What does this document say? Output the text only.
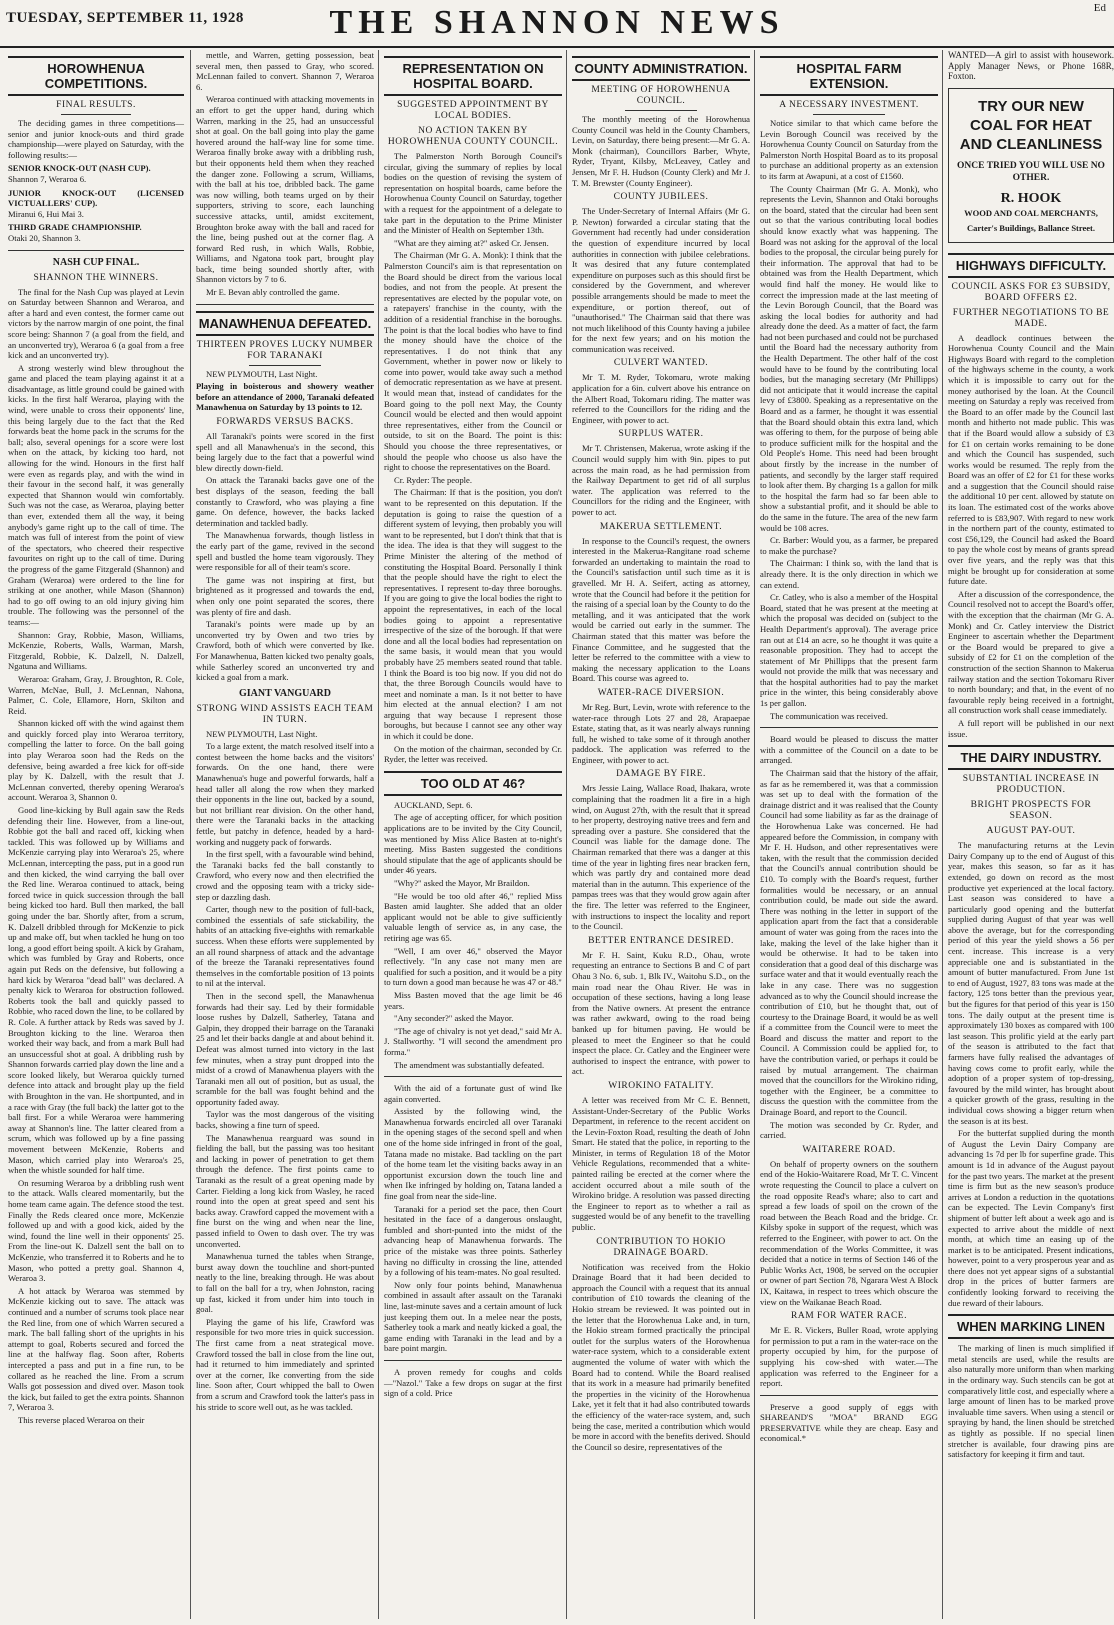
TUESDAY, SEPTEMBER 11, 1928	THE SHANNON NEWS	Ed
HOROWHENUA COMPETITIONS.
FINAL RESULTS.

The deciding games in three competitions—senior and junior knock-outs and third grade championship—were played on Saturday, with the following results:—

SENIOR KNOCK-OUT (NASH CUP).
Shannon 7, Weraroa 6.

JUNIOR KNOCK-OUT (LICENSED VICTUALLERS' CUP).
Miranui 6, Hui Mai 3.

THIRD GRADE CHAMPIONSHIP.
Otaki 20, Shannon 3.

NASH CUP FINAL.
SHANNON THE WINNERS.

The final for the Nash Cup was played at Levin on Saturday between Shannon and Weraroa, and after a hard and even contest, the former came out victors by the narrow margin of one point, the final score being: Shannon 7 (a goal from the field, and an unconverted try), Weraroa 6 (a goal from a free kick and an unconverted try).

A strong westerly wind blew throughout the game and placed the team playing against it at a disadvantage, as little ground could be gained with kicks. In the first half Weraroa, playing with the wind, were unable to cross their opponents' line, this being largely due to the fact that the Red forwards beat the home pack in the scrums for the ball; also, several openings for a score were lost when on the attack, by kicking too hard, not allowing for the wind. Honours in the first half were even as regards play, and with the wind in their favour in the second half, it was generally expected that Shannon would win comfortably. Such was not the case, as Weraroa, playing better than ever, extended them all the way, it being anybody's game right up to the call of time. The match was full of interest from the point of view of the spectators, who cheered their respective favourites on right up to the call of time. During the progress of the game Fitzgerald (Shannon) and Graham (Weraroa) were ordered to the line for striking at one another, while Mason (Shannon) had to go off owing to an old injury giving him trouble. The following was the personnel of the teams:—

Shannon: Gray, Robbie, Mason, Williams, McKenzie, Roberts, Walls, Warman, Marsh, Fitzgerald, Robbie, K. Dalzell, N. Dalzell, Ngatuna and Williams.

Weraroa: Graham, Gray, J. Broughton, R. Cole, Warren, McNae, Bull, J. McLennan, Nahona, Palmer, C. Cole, Ellamore, Horn, Skilton and Reid.

Shannon kicked off with the wind against them and quickly forced play into Weraroa territory, compelling the latter to force. On the ball going into play Weraroa soon had the Reds on the defensive, being awarded a free kick for off-side play by K. Dalzell, with the result that J. McLennan converted, thereby opening Weraroa's account. Weraroa 3, Shannon 0.

Good line-kicking by Bull again saw the Reds defending their line. However, from a line-out, Robbie got the ball and raced off, kicking when tackled. This was followed up by Williams and McKenzie carrying play into Weraroa's 25, where McLennan, intercepting the pass, put in a good run and then kicked, the wind carrying the ball over the Red line. Weraroa continued to attack, being forced twice in quick succession through the ball being kicked too hard. Bull then marked, the ball going under the bar. Shortly after, from a scrum, K. Dalzell dribbled through for McKenzie to pick up and make off, but when tackled he hung on too long, a good effort being spoilt. A kick by Graham, which was fumbled by Gray and Roberts, once again put Reds on the defensive, but following a hard kick by Weraroa "dead ball" was declared. A penalty kick to Weraroa for obstruction followed. Roberts took the ball and quickly passed to Robbie, who raced down the line, to be collared by R. Cole. A further attack by Reds was saved by J. Broughton kicking to the line. Weraroa then worked their way back, and from a mark Bull had an unsuccessful shot at goal. A dribbling rush by Shannon forwards carried play down the line and a score looked likely, but Weraroa quickly turned defence into attack and brought play up the field with Broughton in the van. He shortpunted, and in a race with Gray (the full back) the latter got to the ball first. For a while Weraroa were hammering away at Shannon's line. The latter cleared from a scrum, which was followed up by a fine passing movement between McKenzie, Roberts and Mason, which carried play into Weraroa's 25, when the whistle sounded for half time.

On resuming Weraroa by a dribbling rush went to the attack. Walls cleared momentarily, but the home team came again. The defence stood the test. Finally the Reds cleared once more, McKenzie followed up and with a good kick, aided by the wind, found the line well in their opponents' 25. From the line-out K. Dalzell sent the ball on to McKenzie, who transferred it to Roberts and he to Mason, who potted a pretty goal. Shannon 4, Weraroa 3.

A hot attack by Weraroa was stemmed by McKenzie kicking out to save. The attack was continued and a number of scrums took place near the Red line, from one of which Warren secured a mark. The ball falling short of the uprights in his attempt to goal, Roberts secured and forced the line at the halfway flag. Soon after, Roberts intercepted a pass and put in a fine run, to be collared as he reached the line. From a scrum Walls got possession and dived over. Mason took the kick, but failed to get the extra points. Shannon 7, Weraroa 3.

This reverse placed Weraroa on their

mettle, and Warren, getting possession, beat several men, then passed to Gray, who scored. McLennan failed to convert. Shannon 7, Weraroa 6.

Weraroa continued with attacking movements in an effort to get the upper hand, during which Warren, marking in the 25, had an unsuccessful shot at goal. On the ball going into play the game hovered around the half-way line for some time. Weraroa finally broke away with a dribbling rush, but their opponents held them when they reached the danger zone. Following a scrum, Williams, with the ball at his toe, dribbled back. The game was now willing, both teams urged on by their supporters, striving to score, each launching successive attacks, until, amidst excitement, Broughton broke away with the ball and raced for the line, being pushed out at the corner flag. A forward Red rush, in which Walls, Robbie, Williams, and Ngatona took part, brought play back, time being sounded shortly after, with Shannon victors by 7 to 6.

Mr E. Bevan ably controlled the game.

MANAWHENUA DEFEATED.
THIRTEEN PROVES LUCKY NUMBER FOR TARANAKI

NEW PLYMOUTH, Last Night.

Playing in boisterous and showery weather before an attendance of 2000, Taranaki defeated Manawhenua on Saturday by 13 points to 12.

FORWARDS VERSUS BACKS.

All Taranaki's points were scored in the first spell and all Manawhenua's in the second, this being largely due to the fact that a powerful wind blew directly down-field.

On attack the Taranaki backs gave one of the best displays of the season, feeding the ball constantly to Crawford, who was playing a fine game. On defence, however, the backs lacked determination and tackled badly.

The Manawhenua forwards, though listless in the early part of the game, revived in the second spell and bustled the home team vigorously. They were responsible for all of their team's score.

The game was not inspiring at first, but brightened as it progressed and towards the end, when only one point separated the scores, there was plenty of fire and dash.

Taranaki's points were made up by an unconverted try by Owen and two tries by Crawford, both of which were converted by Ike. For Manawhenua, Batten kicked two penalty goals, while Satherley scored an unconverted try and kicked a goal from a mark.

GIANT VANGUARD
STRONG WIND ASSISTS EACH TEAM IN TURN.

NEW PLYMOUTH, Last Night.

To a large extent, the match resolved itself into a contest between the home backs and the visitors' forwards. On the one hand, there were Manawhenua's huge and powerful forwards, half a head taller all along the row when they marked their opponents in the line out, backed by a sound, but not brilliant rear division. On the other hand, there were the Taranaki backs in the attacking fettle, but patchy in defence, headed by a hard-working and nuggety pack of forwards.

In the first spell, with a favourable wind behind, the Taranaki backs fed the ball constantly to Crawford, who every now and then electrified the crowd and the opposing team with a tricky side-step or dazzling dash.

Carter, though new to the position of full-back, combined the essentials of safe stickability, the habits of an attacking five-eighths with remarkable success. When these efforts were supplemented by an all round sharpness of attack and the advantage of the breeze the Taranaki representatives found themselves in the comfortable position of 13 points to nil at the interval.

Then in the second spell, the Manawhenua forwards had their say. Led by their formidable loose rushes by Dalzell, Satherley, Tatana and Galpin, they dropped their barrage on the Taranaki 25 and let their backs dangle at and about behind it. Defeat was almost turned into victory in the last few minutes, when a stray punt dropped into the midst of a crowd of Manawhenua players with the Taranaki men all out of position, but as usual, the scramble for the ball was fought behind and the opportunity faded away.

Taylor was the most dangerous of the visiting backs, showing a fine turn of speed.

The Manawhenua rearguard was sound in fielding the ball, but the passing was too hesitant and lacking in power of penetration to get them through the defence. The first points came to Taranaki as the result of a great opening made by Carter. Fielding a long kick from Wasley, he raced round into the open at great speed and sent his backs away. Crawford capped the movement with a fine burst on the wing and when near the line, passed infield to Owen to dash over. The try was unconverted.

Manawhenua turned the tables when Strange, burst away down the touchline and short-punted neatly to the line, breaking through. He was about to fall on the ball for a try, when Johnston, racing up fast, kicked it from under him into touch in goal.

Playing the game of his life, Crawford was responsible for two more tries in quick succession. The first came from a neat strategical move. Crawford tossed the ball in close from the line out, had it returned to him immediately and sprinted over at the corner, Ike converting from the side line. Soon after, Court whipped the ball to Owen from a scrum and Crawford took the latter's pass in his stride to score well out, as he was tackled.

REPRESENTATION ON HOSPITAL BOARD.
SUGGESTED APPOINTMENT BY LOCAL BODIES.
NO ACTION TAKEN BY HOROWHENUA COUNTY COUNCIL.

The Palmerston North Borough Council's circular, giving the summary of replies by local bodies on the question of revising the system of representation on hospital boards, came before the Horowhenua County Council on Saturday, together with a request for the appointment of a delegate to take part in the deputation to the Prime Minister and the Minister of Health on September 13th.

"What are they aiming at?" asked Cr. Jensen.

The Chairman (Mr G. A. Monk): I think that the Palmerston Council's aim is that representation on the Board should be direct from the various local bodies, and not from the people. At present the representatives are elected by the popular vote, on a ratepayers' franchise in the county, with the addition of a residential franchise in the boroughs. The point is that the local bodies who have to find the money should have the choice of the representatives. I do not think that any Government, whether in power now or likely to come into power, would take away such a method of democratic representation as we have at present. It would mean that, instead of candidates for the Board going to the poll next May, the County Council would be elected and then would appoint three representatives, either from the Council or outside, to sit on the Board. The point is this: Should you choose the three representatives, or should the people who choose us also have the right to choose the representatives on the Board.

Cr. Ryder: The people.

The Chairman: If that is the position, you don't want to be represented on this deputation. If the deputation is going to raise the question of a different system of levying, then probably you will want to be represented, but I don't think that that is the idea. The idea is that they will suggest to the Prime Minister the altering of the method of constituting the Hospital Board. Personally I think that the people should have the right to elect the representatives. I represent to-day three boroughs. If you are going to give the local bodies the right to appoint the representatives, in each of the local bodies going to appoint a representative irrespective of the size of the borough. If that were done and all the local bodies had representation on the same basis, it would mean that you would probably have 25 members seated round that table. I think the Board is too big now. If you did not do that, the three Borough Councils would have to meet and nominate a man. Is it not better to have him elected at the annual election? I am not arguing that way because I represent those boroughs, but because I cannot see any other way in which it could be done.

On the motion of the chairman, seconded by Cr. Ryder, the letter was received.

TOO OLD AT 46?

AUCKLAND, Sept. 6.

The age of accepting officer, for which position applications are to be invited by the City Council, was mentioned by Miss Alice Basten at to-night's meeting. Miss Basten suggested the conditions should stipulate that the age of applicants should be under 46 years.

"Why?" asked the Mayor, Mr Braildon.

"He would be too old after 46," replied Miss Basten amid laughter. She added that an older applicant would not be able to give sufficiently valuable length of service as, in any case, the retiring age was 65.

"Well, I am over 46," observed the Mayor reflectively. "In any case not many men are qualified for such a position, and it would be a pity to turn down a good man because he was 47 or 48."

Miss Basten moved that the age limit be 46 years.

"Any seconder?" asked the Mayor.

"The age of chivalry is not yet dead," said Mr A. J. Stallworthy. "I will second the amendment pro forma."

The amendment was substantially defeated.

With the aid of a fortunate gust of wind Ike again converted.

Assisted by the following wind, the Manawhenua forwards encircled all over Taranaki in the opening stages of the second spell and when one of the home side infringed in front of the goal, Tatana made no mistake. Bad tackling on the part of the home team let the visiting backs away in an opportunist excursion down the touch line and when Ike infringed by holding on, Tatana landed a fine goal from near the side-line.

Taranaki for a period set the pace, then Court hesitated in the face of a dangerous onslaught, fumbled and short-punted into the midst of the advancing heap of Manawhenua forwards. The price of the mistake was three points. Satherley having no difficulty in crossing the line, attended by a following of his team-mates. No goal resulted.

Now only four points behind, Manawhenua combined in assault after assault on the Taranaki line, last-minute saves and a certain amount of luck just keeping them out. In a melee near the posts, Satherley took a mark and neatly kicked a goal, the game ending with Taranaki in the lead and by a bare point margin.

A proven remedy for coughs and colds—"Nazol." Take a few drops on sugar at the first sign of a cold. Price

COUNTY ADMINISTRATION.
MEETING OF HOROWHENUA COUNCIL.

The monthly meeting of the Horowhenua County Council was held in the County Chambers, Levin, on Saturday, there being present:—Mr G. A. Monk (chairman), Councillors Barber, Whyte, Ryder, Tryant, Kilsby, McLeavey, Catley and Jensen, Mr F. H. Hudson (County Clerk) and Mr J. T. M. Brewster (County Engineer).

COUNTY JUBILEES.

The Under-Secretary of Internal Affairs (Mr G. P. Newton) forwarded a circular stating that the Government had recently had under consideration the question of expenditure incurred by local authorities in connection with jubilee celebrations. It was desired that any future contemplated expenditure on purposes such as this should first be considered by the Government, and wherever possible arrangements should be made to meet the expenditure, or portion thereof, out of "unauthorised." The Chairman said that there was not much likelihood of this County having a jubilee for the next few years; and on his motion the communication was received.

CULVERT WANTED.

Mr T. M. Ryder, Tokomaru, wrote making application for a 6in. culvert above his entrance on the Albert Road, Tokomaru riding. The matter was referred to the Councillors for the riding and the Engineer, with power to act.

SURPLUS WATER.

Mr T. Christensen, Makerua, wrote asking if the Council would supply him with 9in. pipes to put across the main road, as he had permission from the Railway Department to get rid of all surplus water. The application was referred to the Councillors for the riding and the Engineer, with power to act.

MAKERUA SETTLEMENT.

In response to the Council's request, the owners interested in the Makerua-Rangitane road scheme forwarded an undertaking to maintain the road to the Council's satisfaction until such time as it is gravelled. Mr H. A. Seifert, acting as attorney, wrote that the Council had before it the petition for the raising of a special loan by the County to do the metalling, and it was anticipated that the work would be carried out early in the summer. The Chairman stated that this matter was before the Finance Committee, and he suggested that the letter be referred to the committee with a view to making the necessary application to the Loans Board. This course was agreed to.

WATER-RACE DIVERSION.

Mr Reg. Burt, Levin, wrote with reference to the water-race through Lots 27 and 28, Arapaepae Estate, stating that, as it was nearly always running full, he wished to take some of it through another paddock. The application was referred to the Engineer, with power to act.

DAMAGE BY FIRE.

Mrs Jessie Laing, Wallace Road, Ihakara, wrote complaining that the roadmen lit a fire in a high wind, on August 27th, with the result that it spread to her property, destroying native trees and fern and spreading over a pasture. She considered that the Council was liable for the damage done. The Chairman remarked that there was a danger at this time of the year in lighting fires near bracken fern, which was partly dry and contained more dead material than in the autumn. This experience of the pampas trees was that they would grow again after the fire. The letter was referred to the Engineer, with instructions to inspect the locality and report to the Council.

BETTER ENTRANCE DESIRED.

Mr F. H. Saint, Kuku R.D., Ohau, wrote requesting an entrance to Sections B and C of part Ohau 3 No. 6, sub. 1, Blk IV., Waitohu S.D., on the main road near the Ohau River. He was in occupation of these sections, having a long lease from the Native owners. At present the entrance was rather awkward, owing to the road being banked up for bitumen paving. He would be pleased to meet the Engineer so that he could inspect the place. Cr. Catley and the Engineer were authorised to inspect the entrance, with power to act.

WIROKINO FATALITY.

A letter was received from Mr C. E. Bennett, Assistant-Under-Secretary of the Public Works Department, in reference to the recent accident on the Levin-Foxton Road, resulting the death of John Smart. He stated that the police, in reporting to the Minister, in terms of Regulation 18 of the Motor Vehicle Regulations, recommended that a white-painted railing be erected at the corner where the accident occurred about a mile south of the Wirokino bridge. A resolution was passed directing the Engineer to report as to whether a rail as suggested would be of any benefit to the travelling public.

CONTRIBUTION TO HOKIO DRAINAGE BOARD.

Notification was received from the Hokio Drainage Board that it had been decided to approach the Council with a request that its annual contribution of £10 towards the cleaning of the Hokio stream be reviewed. It was pointed out in the letter that the Horowhenua Lake and, in turn, the Hokio stream formed practically the principal outlet for the surplus waters of the Horowhenua water-race system, which to a considerable extent augmented the volume of water with which the Board had to contend. While the Board realised that its work in a measure had primarily benefited the properties in the vicinity of the Horowhenua Lake, yet it felt that it had also contributed towards the efficiency of the water-race system, and, such being the case, merited a contribution which would be more in accord with the benefits derived. Should the Council so desire, representatives of the

HOSPITAL FARM EXTENSION.
A NECESSARY INVESTMENT.

Notice similar to that which came before the Levin Borough Council was received by the Horowhenua County Council on Saturday from the Palmerston North Hospital Board as to its proposal to purchase an additional property as an extension to its farm at Awapuni, at a cost of £1560.

The County Chairman (Mr G. A. Monk), who represents the Levin, Shannon and Otaki boroughs on the board, stated that the circular had been sent out so that the various contributing local bodies should know exactly what was happening. The Board was not asking for the approval of the local bodies to the proposal, the circular being purely for their information. The approval that had to be obtained was from the Health Department, which would find half the money. He would like to correct the impression made at the last meeting of the Levin Borough Council, that the Board was asking the local bodies for authority and had already done the deed. As a matter of fact, the farm had not been purchased and could not be purchased until the Board had the necessary authority from the Health Department. The other half of the cost would have to be found by the contributing local bodies, but the managing secretary (Mr Phillipps) did not anticipate that it would increase the capital levy of £3800. Speaking as a representative on the Board and as a farmer, he thought it was essential that the Board should obtain this extra land, which was offering to them, for the purpose of being able to produce sufficient milk for the hospital and the Old People's Home. This need had been brought about firstly by the increase in the number of patients, and secondly by the larger staff required to look after them. By charging 1s a gallon for milk to the hospital the farm had so far been able to show a substantial profit, and it should be able to do the same in the future. The area of the new farm would be 108 acres.

Cr. Barber: Would you, as a farmer, be prepared to make the purchase?

The Chairman: I think so, with the land that is already there. It is the only direction in which we can extend.

Cr. Catley, who is also a member of the Hospital Board, stated that he was present at the meeting at which the proposal was decided on (subject to the Health Department's approval). The average price ran out at £14 an acre, so he thought it was quite a reasonable proposition. They had to accept the statement of Mr Phillipps that the present farm would not provide the milk that was necessary and that the hospital authorities had to pay the market price in the winter, this being considerably above 1s per gallon.

The communication was received.

Board would be pleased to discuss the matter with a committee of the Council on a date to be arranged.

The Chairman said that the history of the affair, as far as he remembered it, was that a commission was set up to deal with the formation of the drainage district and it was realised that the County Council had some liability as far as the drainage of the Horowhenua Lake was concerned. He had appeared before the Commission, in company with Mr F. H. Hudson, and other representatives were taken, with the result that the commission decided that the Council's annual contribution should be £10. To comply with the Board's request, further formalities would be necessary, or an annual contribution could, be made out side the award. There was nothing in the letter in support of the application apart from the fact that a considerable amount of water was going from the races into the lake, making the level of the lake higher than it would be otherwise. It had to be taken into consideration that a good deal of this discharge was surface water and that it would eventually reach the lake in any case. There was no suggestion advanced as to why the Council should increase the contribution of £10, but he thought that, out of courtesy to the Drainage Board, it would be as well if a committee from the Council were to meet the Board and discuss the matter and report to the Council. A Commission could be applied for, to have the contribution varied, or perhaps it could be raised by mutual arrangement. The chairman moved that the councillors for the Wirokino riding, together with the Engineer, be a committee to discuss the question with the committee from the Drainage Board, and report to the Council.

The motion was seconded by Cr. Ryder, and carried.

WAITARERE ROAD.

On behalf of property owners on the southern end of the Hokio-Waitarere Road, Mr T. C. Vincent wrote requesting the Council to place a culvert on the road opposite Read's whare; also to cart and spread a few loads of spoil on the crown of the road between the Beach Road and the bridge. Cr. Kilsby spoke in support of the request, which was referred to the Engineer, with power to act. On the recommendation of the Works Committee, it was decided that a notice in terms of Section 146 of the Public Works Act, 1908, be served on the occupier or owner of part Section 78, Ngarara West A Block IX, Kaitawa, in respect to trees which obscure the view on the Waikanae Beach Road.

RAM FOR WATER RACE.

Mr E. R. Vickers, Buller Road, wrote applying for permission to put a ram in the water-race on the property occupied by him, for the purpose of supplying his cow-shed with water.—The application was referred to the Engineer for a report.

Preserve a good supply of eggs with SHAREAND'S "MOA" BRAND EGG PRESERVATIVE while they are cheap. Easy and economical.*

WANTED—A girl to assist with housework. Apply Manager News, or Phone 168R, Foxton.

TRY OUR NEW COAL FOR HEAT AND CLEANLINESS
ONCE TRIED YOU WILL USE NO OTHER.
R. HOOK
WOOD AND COAL MERCHANTS,
Carter's Buildings, Ballance Street.
HIGHWAYS DIFFICULTY.
COUNCIL ASKS FOR £3 SUBSIDY, BOARD OFFERS £2.
FURTHER NEGOTIATIONS TO BE MADE.

A deadlock continues between the Horowhenua County Council and the Main Highways Board with regard to the completion of the highways scheme in the county, a work which it is impossible to carry out for the money authorised by the loan. At the Council meeting on Saturday a reply was received from the Board to an offer made by the Council last month and hitherto not made public. This was that if the Board would allow a subsidy of £3 for £1 on certain works remaining to be done and which the Council has suspended, such works would be resumed. The reply from the Board was an offer of £2 for £1 for these works and a suggestion that the Council should raise the additional 10 per cent. allowed by statute on its loan. The estimated cost of the works above referred to is £83,907. With regard to new work in the northern part of the county, estimated to cost £56,129, the Council had asked the Board to pay the whole cost by means of grants spread over five years, and the reply was that this might be brought up for consideration at some future date.

After a discussion of the correspondence, the Council resolved not to accept the Board's offer, with the exception that the chairman (Mr G. A. Monk) and Cr. Catley interview the District Engineer to ascertain whether the Department or the Board would be prepared to give a subsidy of £2 for £1 on the completion of the construction of the section Shannon to Makerua railway station and the section Tokomaru River to north boundary; and that, in the event of no favourable reply being received in a fortnight, all construction work shall cease immediately.

A full report will be published in our next issue.

THE DAIRY INDUSTRY.
SUBSTANTIAL INCREASE IN PRODUCTION.
BRIGHT PROSPECTS FOR SEASON.
AUGUST PAY-OUT.

The manufacturing returns at the Levin Dairy Company up to the end of August of this year, makes this season, so far as it has extended, go down on record as the most productive yet experienced at the local factory. Last season was considered to have a particularly good opening and the butterfat supplied during August of that year was well above the average, but for the corresponding period of this year the yield shows a 56 per cent. increase. This increase is a very appreciable one and is substantiated in the amount of butter manufactured. From June 1st to end of August, 1927, 83 tons was made at the factory, 125 tons better than the previous year, but the figures for that period of this year is 150 tons. The daily output at the present time is approximately 130 boxes as compared with 100 last season. This prolific yield at the early part of the season is attributed to the fact that farmers have fully realised the advantages of having cows come to profit early, while the adoption of a proper system of top-dressing, favoured by the mild winter, has brought about a quicker growth of the grass, resulting in the individual cows showing a bigger return when the season is at its best.

For the butterfat supplied during the month of August the Levin Dairy Company are advancing 1s 7d per lb for superfine grade. This amount is 1d in advance of the August payout for the past two years. The market at the present time is firm but as the new season's produce arrives at London a reduction in the quotations can be expected. The Levin Company's first shipment of butter left about a week ago and is expected to arrive about the middle of next month, at which time an easing up of the market is to be anticipated. Present indications, however, point to a very prosperous year and as there does not yet appear signs of a substantial drop in the prices of butter farmers are confidently looking forward to receiving the due reward of their labours.

WHEN MARKING LINEN

The marking of linen is much simplified if metal stencils are used, while the results are also naturally more uniform than when marking in the ordinary way. Such stencils can be got at comparatively little cost, and especially where a large amount of linen has to be marked prove invaluable time savers. When using a stencil or spraying by hand, the linen should be stretched as tightly as possible. If no special linen stretcher is available, four drawing pins are satisfactory for keeping it firm and taut.
